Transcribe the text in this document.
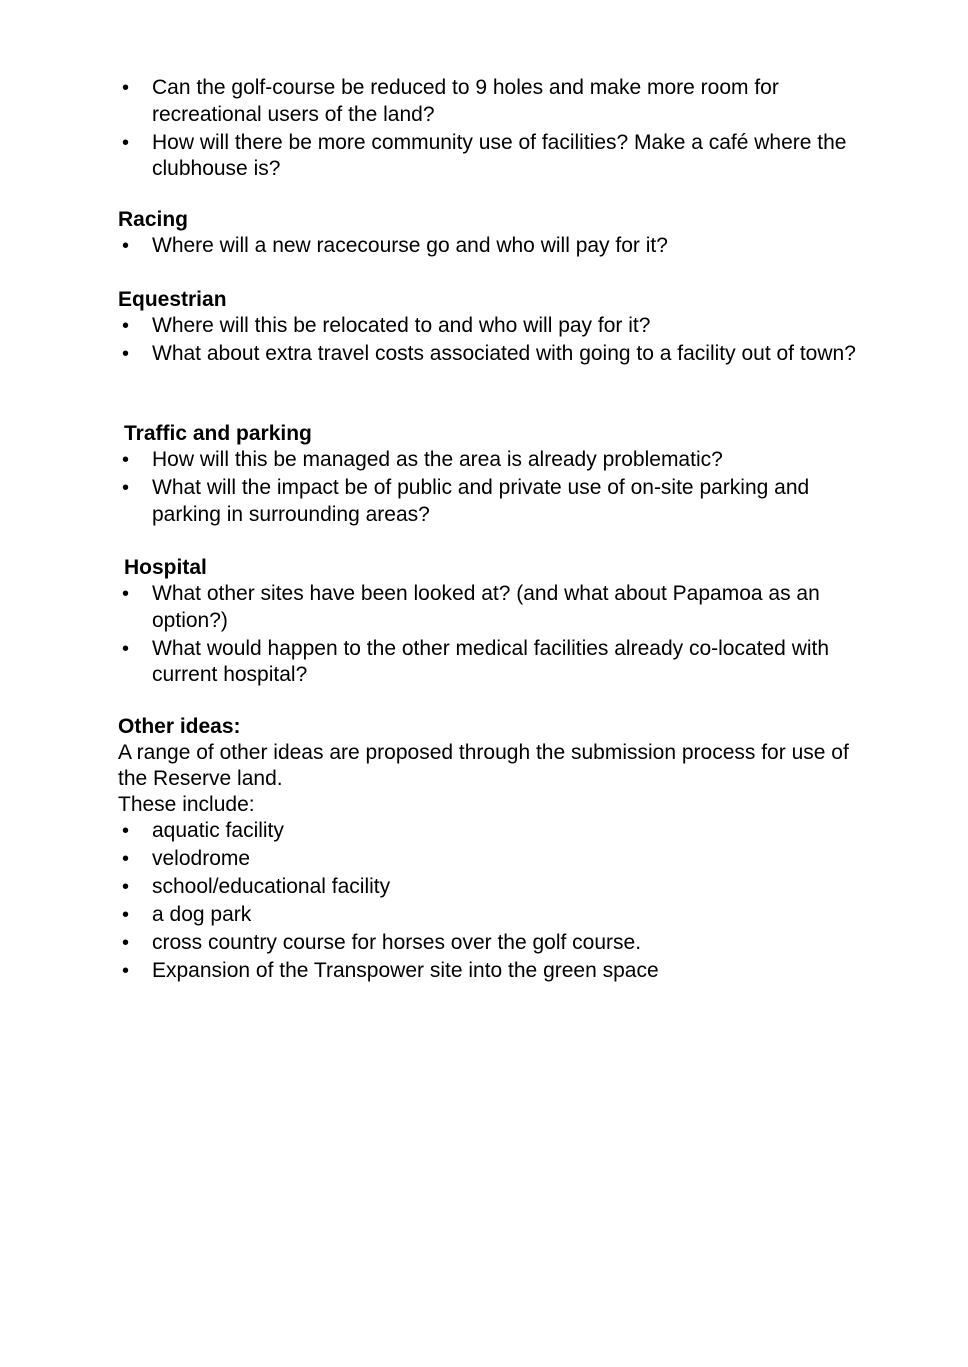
• Can the golf-course be reduced to 9 holes and make more room for recreational users of the land?
• How will there be more community use of facilities? Make a café where the clubhouse is?

Racing

• Where will a new racecourse go and who will pay for it?

Equestrian

• Where will this be relocated to and who will pay for it?
• What about extra travel costs associated with going to a facility out of town?

Traffic and parking

• How will this be managed as the area is already problematic?
• What will the impact be of public and private use of on-site parking and parking in surrounding areas?

Hospital

• What other sites have been looked at? (and what about Papamoa as an option?)
• What would happen to the other medical facilities already co-located with current hospital?

Other ideas:

A range of other ideas are proposed through the submission process for use of the Reserve land.

These include:

• aquatic facility
• velodrome
• school/educational facility
• a dog park
• cross country course for horses over the golf course.
• Expansion of the Transpower site into the green space
